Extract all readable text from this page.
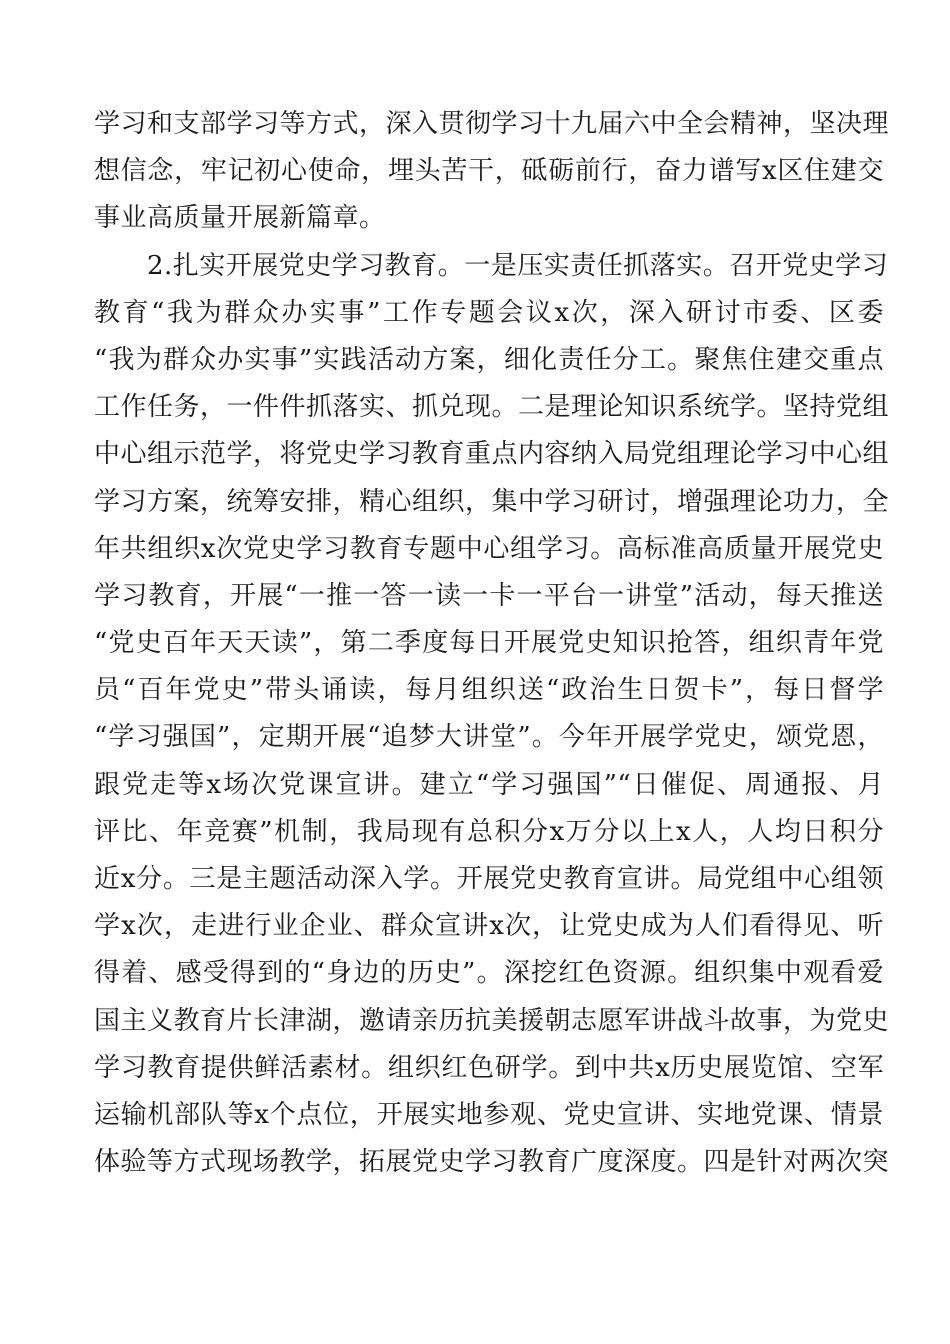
学习和支部学习等方式，深入贯彻学习十九届六中全会精神，坚决理
想信念，牢记初心使命，埋头苦干，砥砺前行，奋力谱写x区住建交
事业高质量开展新篇章。
　　2.扎实开展党史学习教育。一是压实责任抓落实。召开党史学习
教育“我为群众办实事”工作专题会议x次，深入研讨市委、区委
“我为群众办实事”实践活动方案，细化责任分工。聚焦住建交重点
工作任务，一件件抓落实、抓兑现。二是理论知识系统学。坚持党组
中心组示范学，将党史学习教育重点内容纳入局党组理论学习中心组
学习方案，统筹安排，精心组织，集中学习研讨，增强理论功力，全
年共组织x次党史学习教育专题中心组学习。高标准高质量开展党史
学习教育，开展“一推一答一读一卡一平台一讲堂”活动，每天推送
“党史百年天天读”，第二季度每日开展党史知识抢答，组织青年党
员“百年党史”带头诵读，每月组织送“政治生日贺卡”，每日督学
“学习强国”，定期开展“追梦大讲堂”。今年开展学党史，颂党恩，
跟党走等x场次党课宣讲。建立“学习强国”“日催促、周通报、月
评比、年竞赛”机制，我局现有总积分x万分以上x人，人均日积分
近x分。三是主题活动深入学。开展党史教育宣讲。局党组中心组领
学x次，走进行业企业、群众宣讲x次，让党史成为人们看得见、听
得着、感受得到的“身边的历史”。深挖红色资源。组织集中观看爱
国主义教育片长津湖，邀请亲历抗美援朝志愿军讲战斗故事，为党史
学习教育提供鲜活素材。组织红色研学。到中共x历史展览馆、空军
运输机部队等x个点位，开展实地参观、党史宣讲、实地党课、情景
体验等方式现场教学，拓展党史学习教育广度深度。四是针对两次突
